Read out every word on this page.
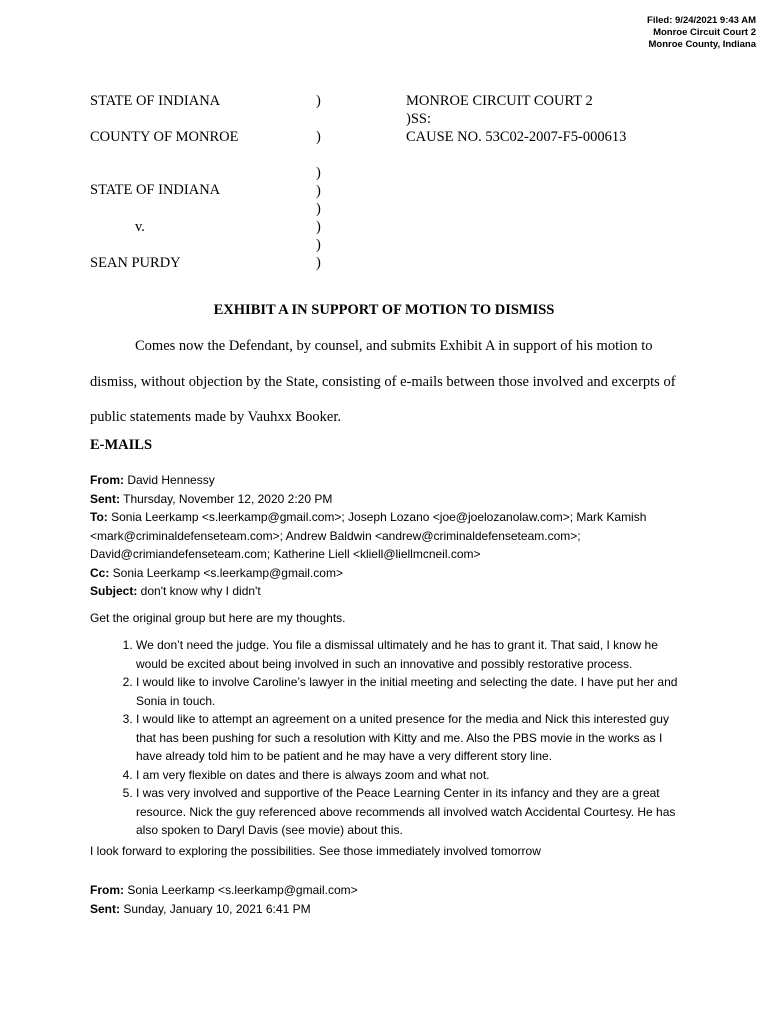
Filed: 9/24/2021 9:43 AM
Monroe Circuit Court 2
Monroe County, Indiana
STATE OF INDIANA
COUNTY OF MONROE
)SS:
)
)
)
)
)
)
)
)
MONROE CIRCUIT COURT 2
CAUSE NO. 53C02-2007-F5-000613
STATE OF INDIANA
v.
SEAN PURDY
EXHIBIT A IN SUPPORT OF MOTION TO DISMISS

Comes now the Defendant, by counsel, and submits Exhibit A in support of his motion to dismiss, without objection by the State, consisting of e-mails between those involved and excerpts of public statements made by Vauhxx Booker.

E-MAILS
From: David Hennessy
Sent: Thursday, November 12, 2020 2:20 PM
To: Sonia Leerkamp <s.leerkamp@gmail.com>; Joseph Lozano <joe@joelozanolaw.com>; Mark Kamish
<mark@criminaldefenseteam.com>; Andrew Baldwin <andrew@criminaldefenseteam.com>;
David@crimiandefenseteam.com; Katherine Liell <kliell@liellmcneil.com>
Cc: Sonia Leerkamp <s.leerkamp@gmail.com>
Subject: don't know why I didn't
Get the original group but here are my thoughts.
1. We don’t need the judge. You file a dismissal ultimately and he has to grant it. That said, I know he would be excited about being involved in such an innovative and possibly restorative process.
2. I would like to involve Caroline’s lawyer in the initial meeting and selecting the date. I have put her and Sonia in touch.
3. I would like to attempt an agreement on a united presence for the media and Nick this interested guy that has been pushing for such a resolution with Kitty and me. Also the PBS movie in the works as I have already told him to be patient and he may have a very different story line.
4. I am very flexible on dates and there is always zoom and what not.
5. I was very involved and supportive of the Peace Learning Center in its infancy and they are a great resource. Nick the guy referenced above recommends all involved watch Accidental Courtesy. He has also spoken to Daryl Davis (see movie) about this.
I look forward to exploring the possibilities. See those immediately involved tomorrow
From: Sonia Leerkamp <s.leerkamp@gmail.com>
Sent: Sunday, January 10, 2021 6:41 PM
